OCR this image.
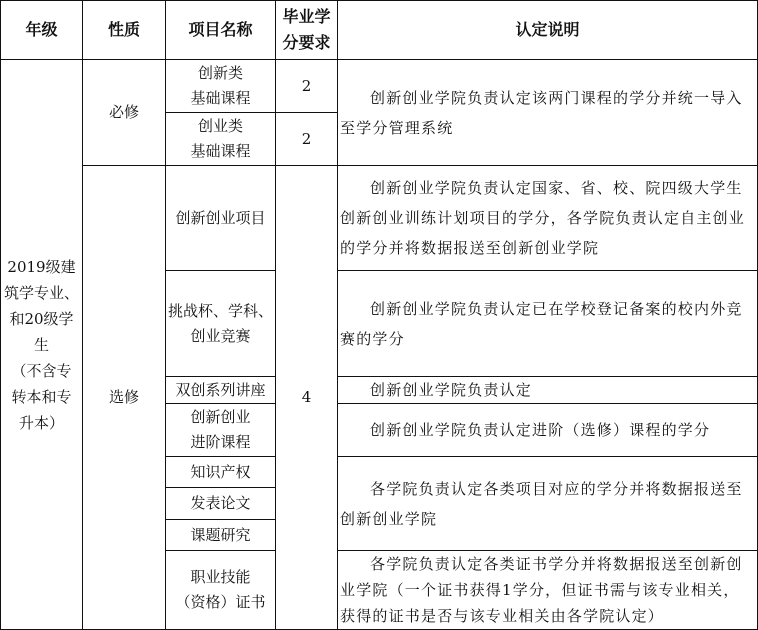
年级	性质	项目名称
毕业学
分要求
认定说明
2019级建
筑学专业、
和20级学
生
（不含专
转本和专
升本）
必修
创新类
基础课程
创业类
基础课程
2
2
创新创业学院负责认定该两门课程的学分并统一导入至学分管理系统
选修
创新创业项目
挑战杯、学科、
创业竞赛
双创系列讲座
创新创业
进阶课程
知识产权
发表论文
课题研究
职业技能
（资格）证书
4
创新创业学院负责认定国家、省、校、院四级大学生创新创业训练计划项目的学分，各学院负责认定自主创业的学分并将数据报送至创新创业学院
创新创业学院负责认定已在学校登记备案的校内外竞赛的学分
创新创业学院负责认定
创新创业学院负责认定进阶（选修）课程的学分
各学院负责认定各类项目对应的学分并将数据报送至创新创业学院
各学院负责认定各类证书学分并将数据报送至创新创业学院（一个证书获得1学分，但证书需与该专业相关，获得的证书是否与该专业相关由各学院认定）
